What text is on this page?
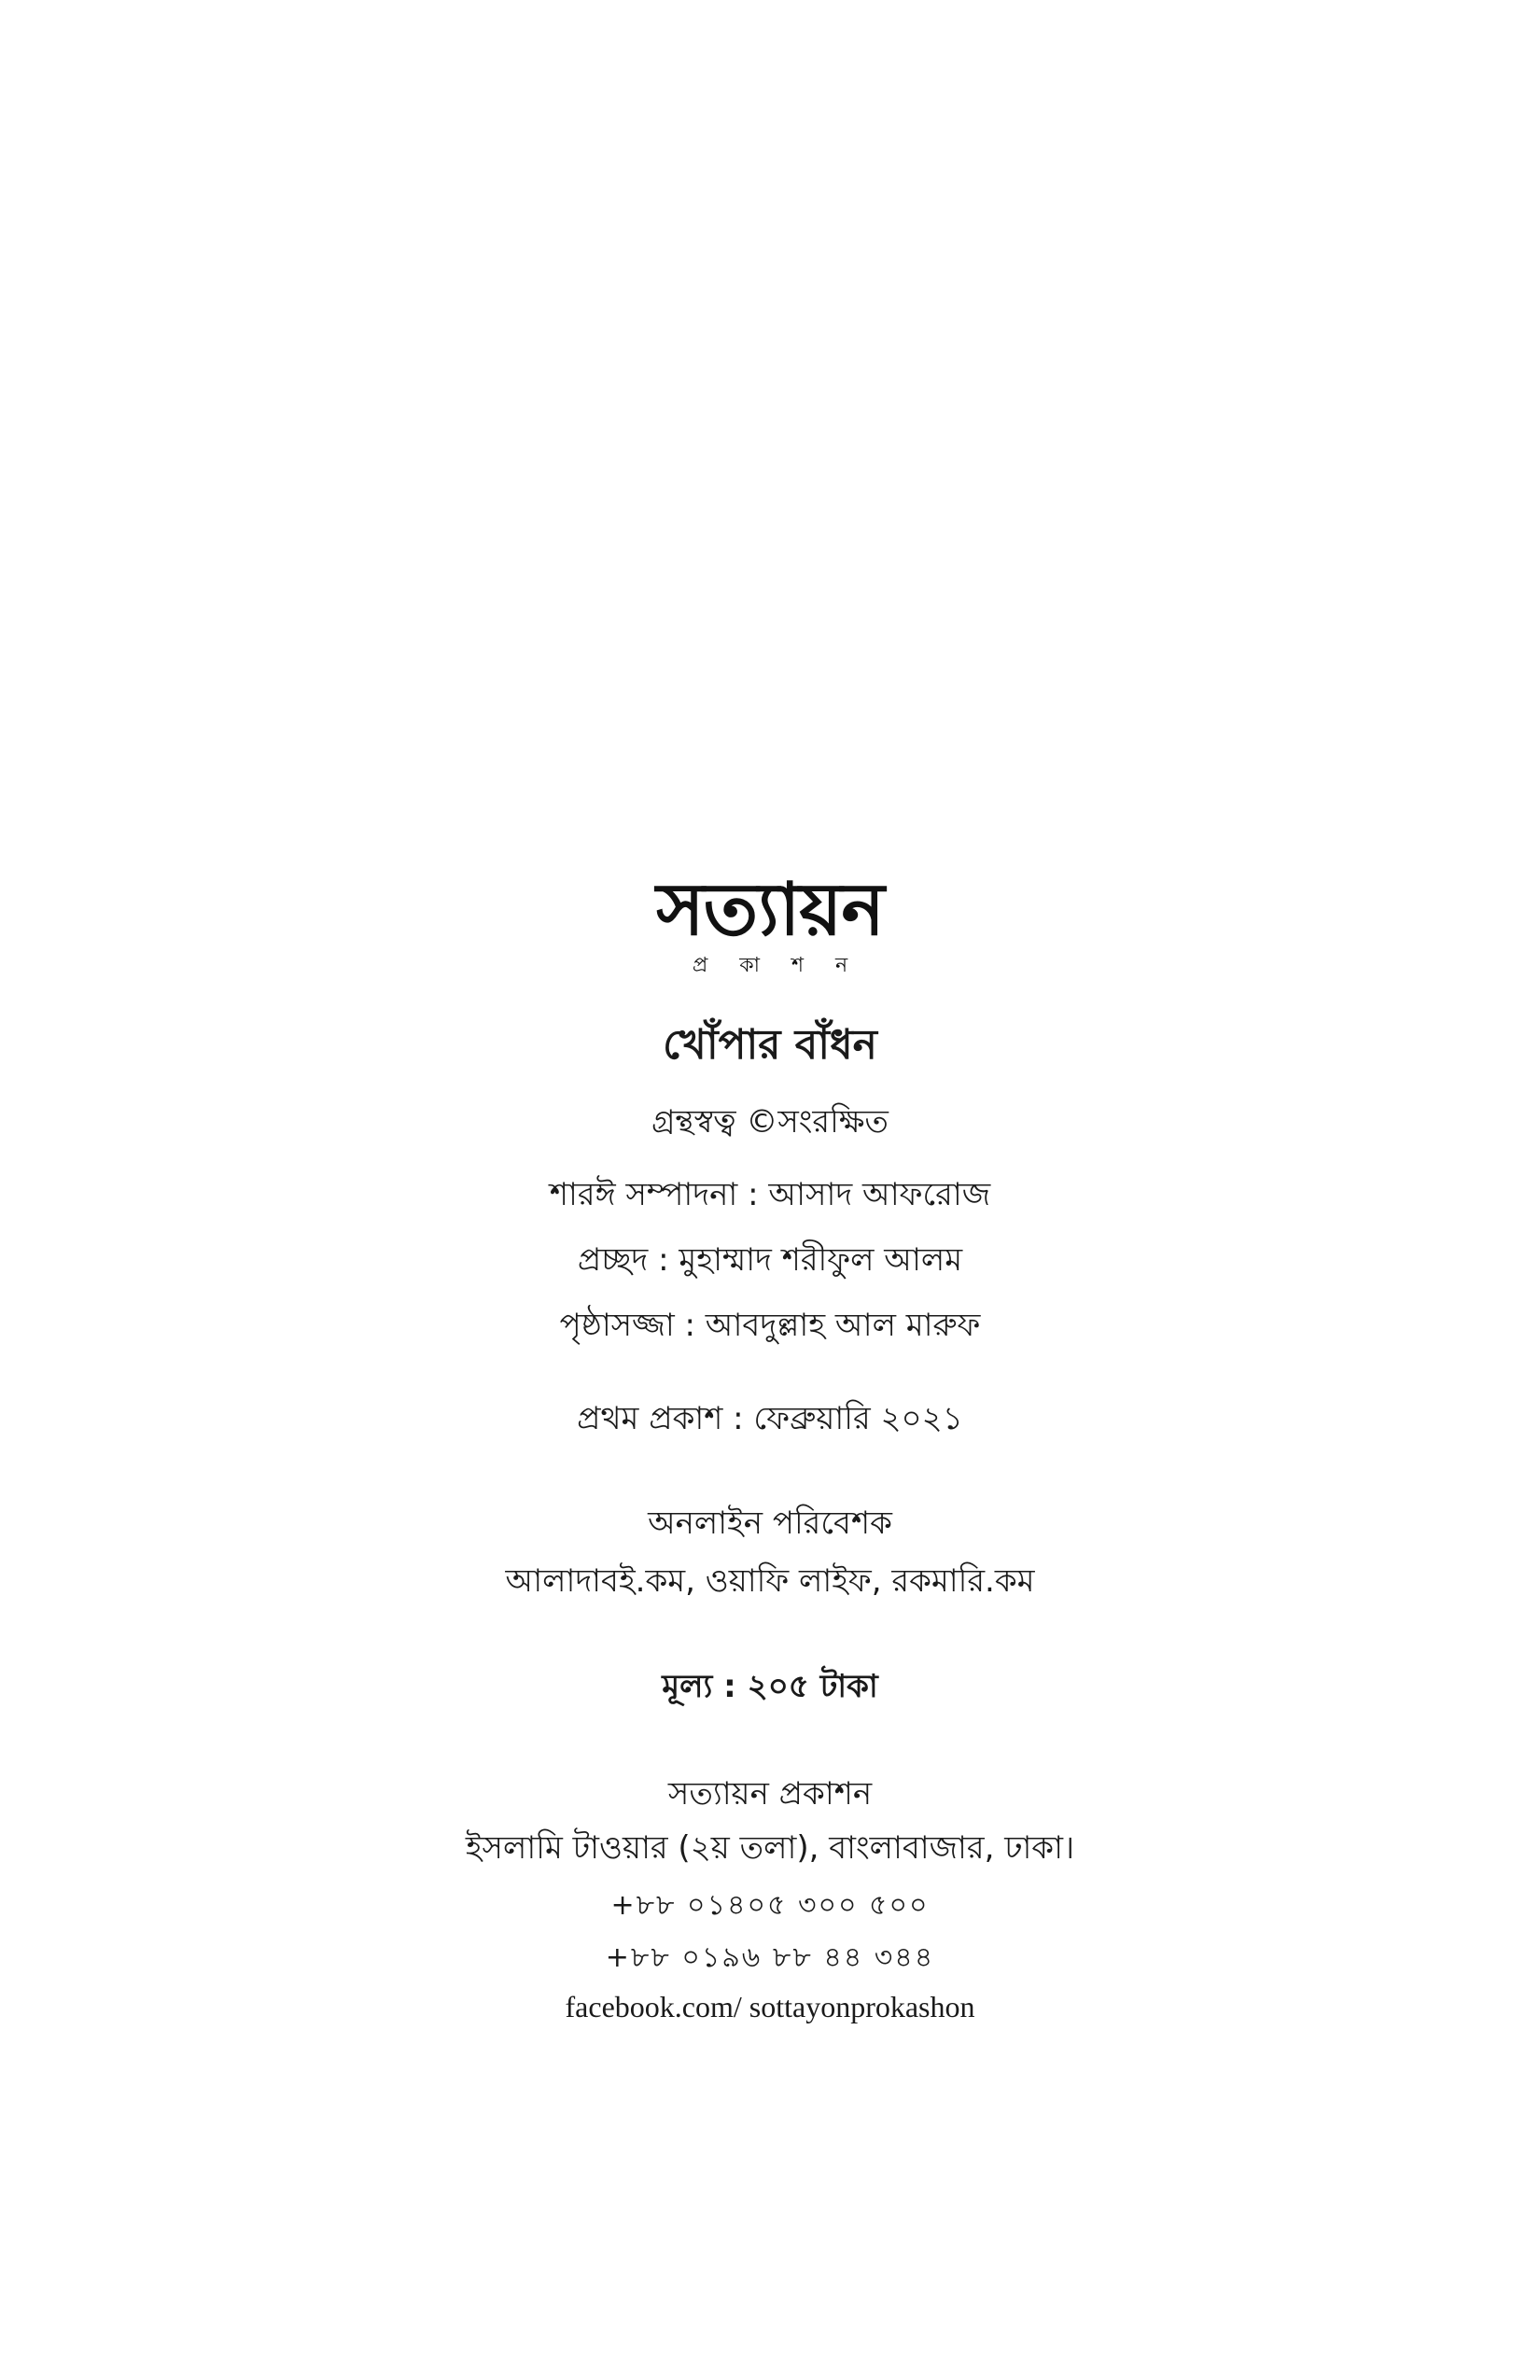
সত্যায়ন
প্রকাশন
খোঁপার বাঁধন
গ্রন্থস্বত্ব ©সংরক্ষিত
শারঈ সম্পাদনা : আসাদ আফরোজ
প্রচ্ছদ : মুহাম্মাদ শরীফুল আলম
পৃষ্ঠাসজ্জা : আবদুল্লাহ আল মারুফ
প্রথম প্রকাশ : ফেব্রুয়ারি ২০২১
অনলাইন পরিবেশক
আলাদাবই.কম, ওয়াফি লাইফ, রকমারি.কম
মূল্য : ২০৫ টাকা
সত্যায়ন প্রকাশন
ইসলামি টাওয়ার (২য় তলা), বাংলাবাজার, ঢাকা।
+৮৮ ০১৪০৫ ৩০০ ৫০০
+৮৮ ০১৯৬ ৮৮ ৪৪ ৩৪৪
facebook.com/ sottayonprokashon
